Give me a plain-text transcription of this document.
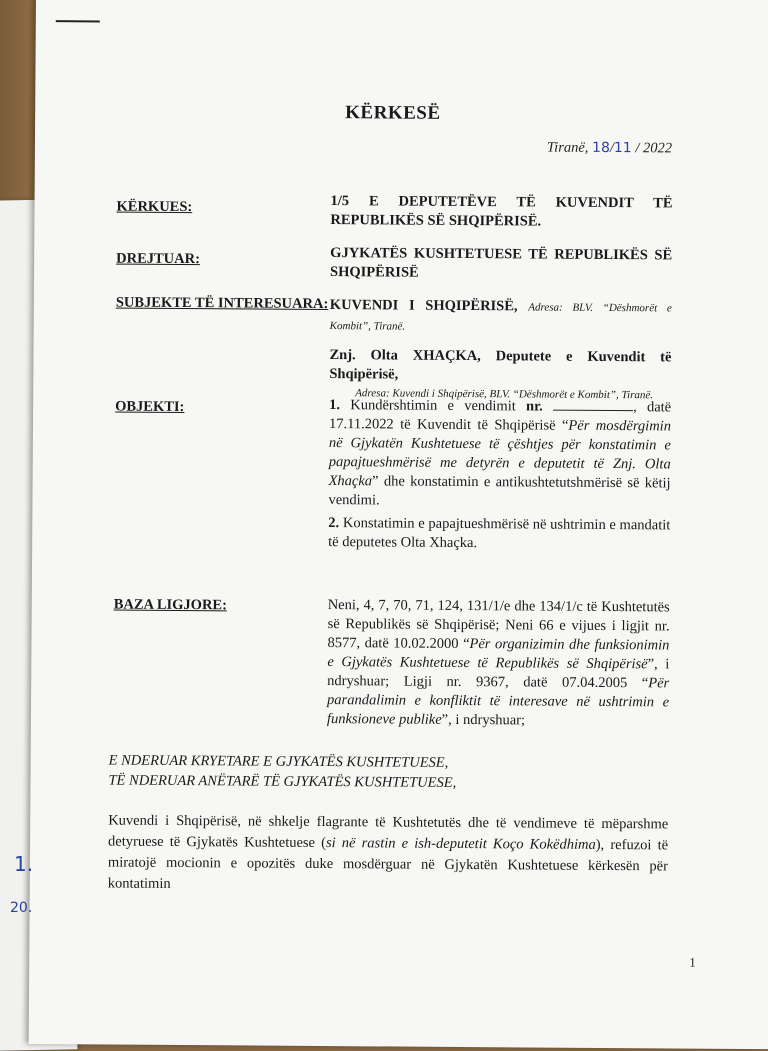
KËRKESË
Tiranë, 18/11 / 2022
KËRKUES:	1/5 E DEPUTETËVE TË KUVENDIT TË REPUBLIKËS SË SHQIPËRISË.
DREJTUAR:	GJYKATËS KUSHTETUESE TË REPUBLIKËS SË SHQIPËRISË
SUBJEKTE TË INTERESUARA: KUVENDI I SHQIPËRISË, Adresa: BLV. “Dëshmorët e Kombit”, Tiranë.
Znj. Olta XHAÇKA, Deputete e Kuvendit të Shqipërisë,
Adresa: Kuvendi i Shqipërisë, BLV. “Dëshmorët e Kombit”, Tiranë.
OBJEKTI:	1. Kundërshtimin e vendimit nr.	, datë 17.11.2022 të Kuvendit të Shqipërisë “Për mosdërgimin në Gjykatën Kushtetuese të çështjes për konstatimin e papajtueshmërisë me detyrën e deputetit të Znj. Olta Xhaçka” dhe konstatimin e antikushtetutshmërisë së këtij vendimi.
2. Konstatimin e papajtueshmërisë në ushtrimin e mandatit të deputetes Olta Xhaçka.
BAZA LIGJORE:	Neni, 4, 7, 70, 71, 124, 131/1/e dhe 134/1/c të Kushtetutës së Republikës së Shqipërisë; Neni 66 e vijues i ligjit nr. 8577, datë 10.02.2000 “Për organizimin dhe funksionimin e Gjykatës Kushtetuese të Republikës së Shqipërisë”, i ndryshuar; Ligji nr. 9367, datë 07.04.2005 “Për parandalimin e konfliktit të interesave në ushtrimin e funksioneve publike”, i ndryshuar;
E NDERUAR KRYETARE E GJYKATËS KUSHTETUESE,
TË NDERUAR ANËTARË TË GJYKATËS KUSHTETUESE,
Kuvendi i Shqipërisë, në shkelje flagrante të Kushtetutës dhe të vendimeve të mëparshme detyruese të Gjykatës Kushtetuese (si në rastin e ish-deputetit Koço Kokëdhima), refuzoi të miratojë mocionin e opozitës duke mosdërguar në Gjykatën Kushtetuese kërkesën për kontatimin
1
1.
20.
